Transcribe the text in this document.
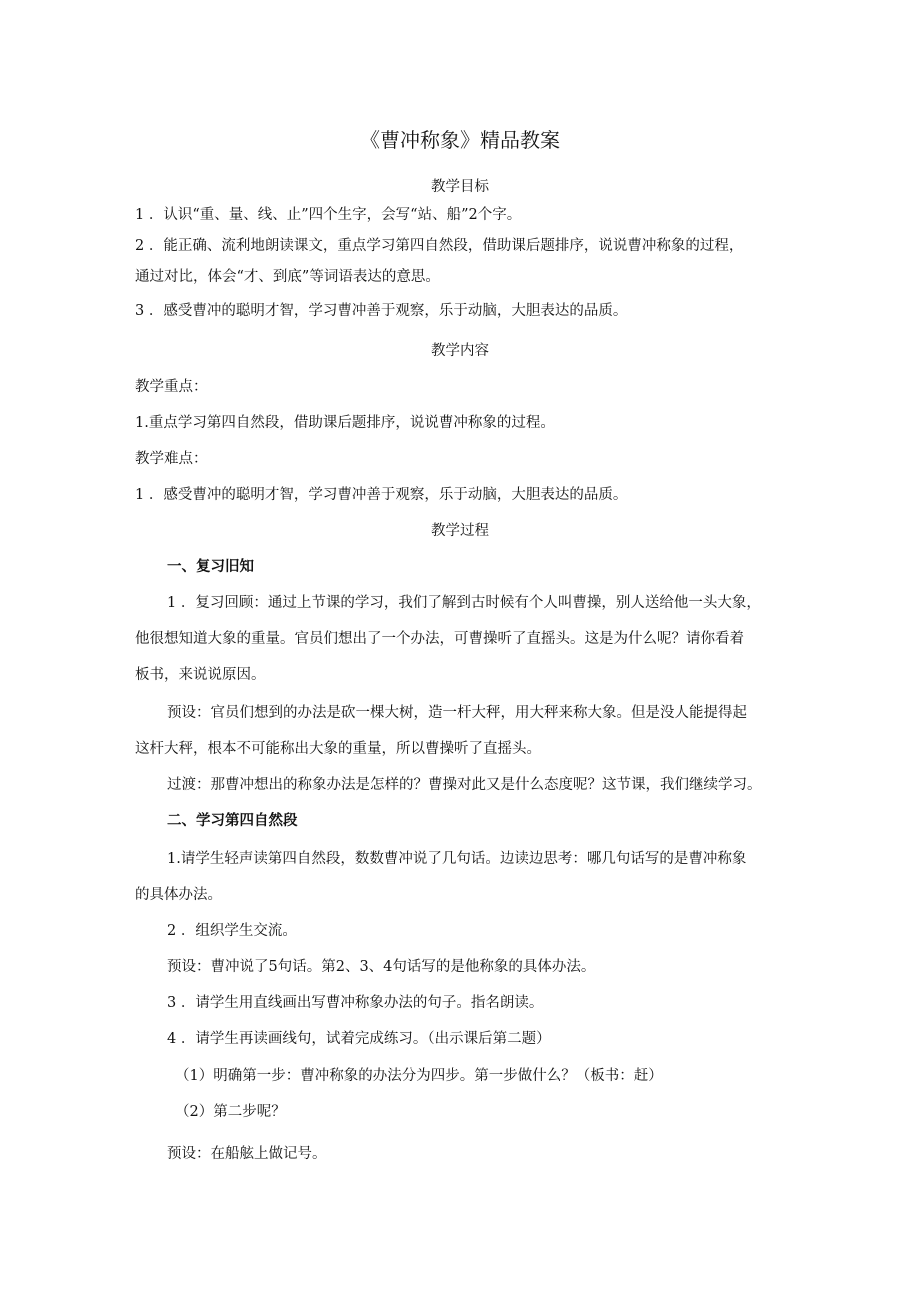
《曹冲称象》精品教案
教学目标
1 ．认识“重、量、线、止”四个生字，会写“站、船”2个字。
2 ．能正确、流利地朗读课文，重点学习第四自然段，借助课后题排序，说说曹冲称象的过程，
通过对比，体会“才、到底”等词语表达的意思。
3 ．感受曹冲的聪明才智，学习曹冲善于观察，乐于动脑，大胆表达的品质。
教学内容
教学重点：
1.重点学习第四自然段，借助课后题排序，说说曹冲称象的过程。
教学难点：
1 ．感受曹冲的聪明才智，学习曹冲善于观察，乐于动脑，大胆表达的品质。
教学过程
一、复习旧知
1 ．复习回顾：通过上节课的学习，我们了解到古时候有个人叫曹操，别人送给他一头大象，
他很想知道大象的重量。官员们想出了一个办法，可曹操听了直摇头。这是为什么呢？请你看着
板书，来说说原因。
预设：官员们想到的办法是砍一棵大树，造一杆大秤，用大秤来称大象。但是没人能提得起
这杆大秤，根本不可能称出大象的重量，所以曹操听了直摇头。
过渡：那曹冲想出的称象办法是怎样的？曹操对此又是什么态度呢？这节课，我们继续学习。
二、学习第四自然段
1.请学生轻声读第四自然段，数数曹冲说了几句话。边读边思考：哪几句话写的是曹冲称象
的具体办法。
2 ．组织学生交流。
预设：曹冲说了5句话。第2、3、4句话写的是他称象的具体办法。
3 ．请学生用直线画出写曹冲称象办法的句子。指名朗读。
4 ．请学生再读画线句，试着完成练习。（出示课后第二题）
（1）明确第一步：曹冲称象的办法分为四步。第一步做什么？（板书：赶）
（2）第二步呢？
预设：在船舷上做记号。
